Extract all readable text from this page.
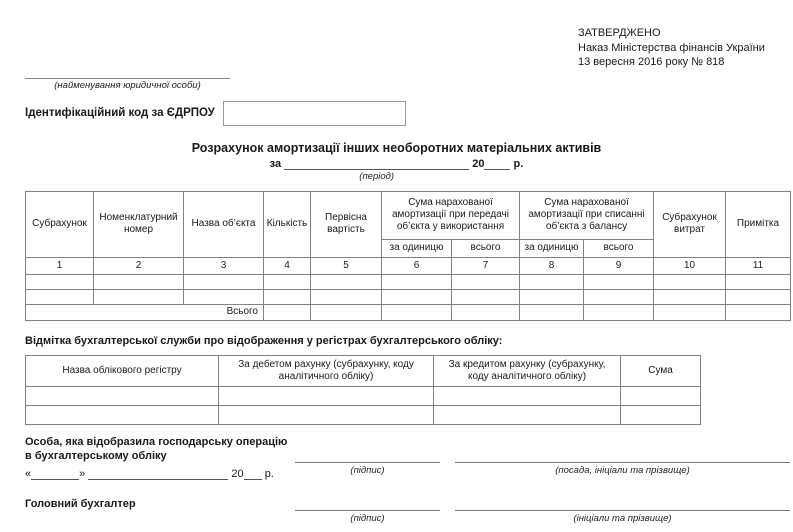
ЗАТВЕРДЖЕНО
Наказ Міністерства фінансів України
13 вересня 2016 року № 818
(найменування юридичної особи)
Ідентифікаційний код за ЄДРПОУ
Розрахунок амортизації інших необоротних матеріальних активів
за
(період)
20	р.
Субрахунок	Номенклатурний номер	Назва об’єкта	Кількість	Первісна вартість	Сума нарахованої амортизації при передачі об’єкта у використання		Сума нарахованої амортизації при списанні об’єкта з балансу		Субрахунок витрат	Примітка
					за одиницю	всього	за одиницю	всього		
1	2	3	4	5	6	7	8	9	10	11

Всього										
Відмітка бухгалтерської служби про відображення у регістрах бухгалтерського обліку:
Назва облікового регістру	За дебетом рахунку (субрахунку, коду аналітичного обліку)	За кредитом рахунку (субрахунку, коду аналітичного обліку)	Сума

Особа, яка відобразила господарську операцію
в бухгалтерському обліку
(підпис)	(посада, ініціали та прізвище)
«	»	20 р.
Головний бухгалтер
(підпис)	(ініціали та прізвище)
